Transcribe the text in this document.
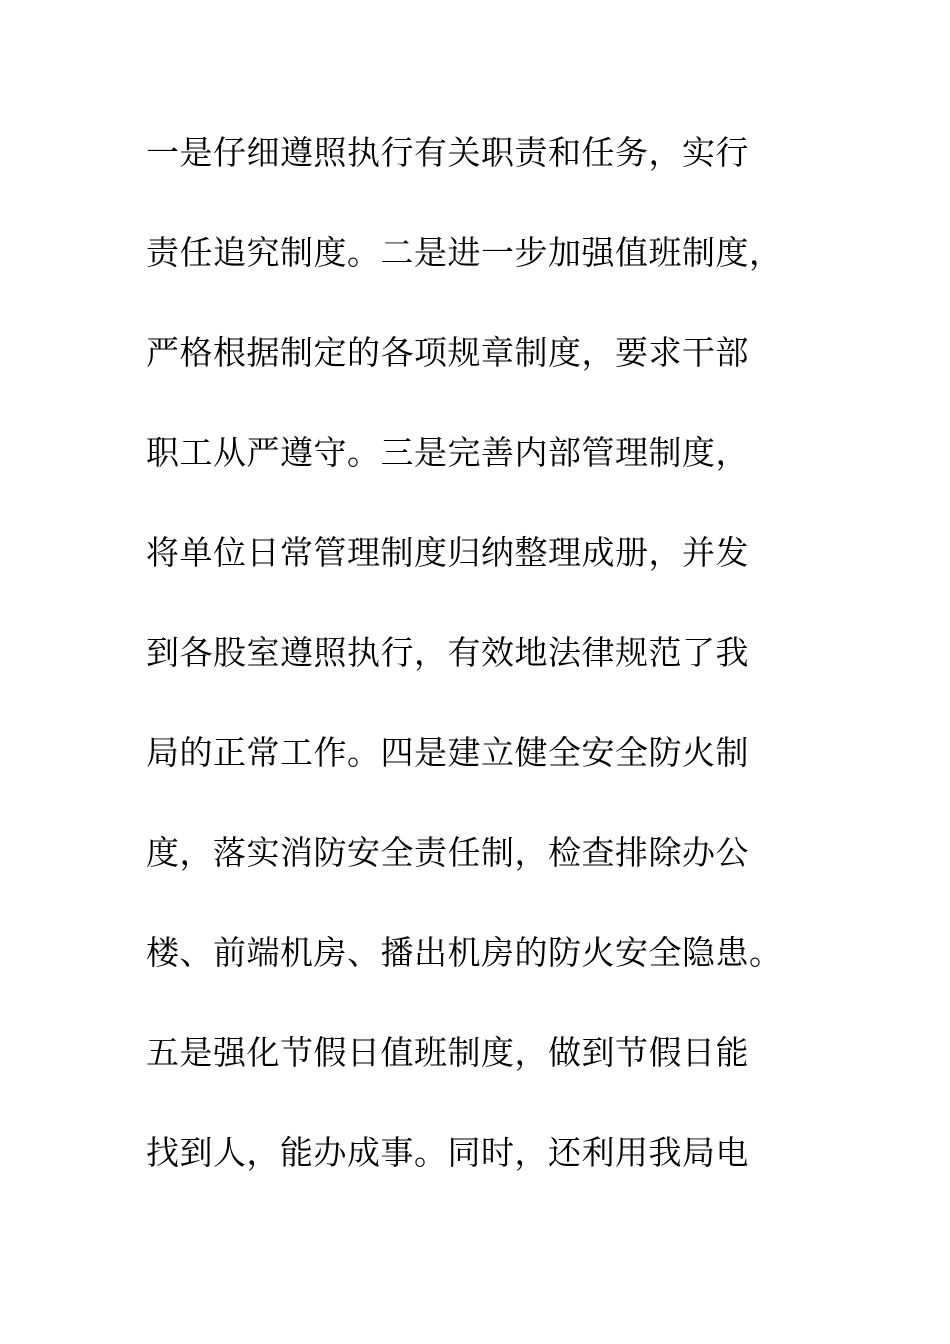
一是仔细遵照执行有关职责和任务，实行
责任追究制度。二是进一步加强值班制度，
严格根据制定的各项规章制度，要求干部
职工从严遵守。三是完善内部管理制度，
将单位日常管理制度归纳整理成册，并发
到各股室遵照执行，有效地法律规范了我
局的正常工作。四是建立健全安全防火制
度，落实消防安全责任制，检查排除办公
楼、前端机房、播出机房的防火安全隐患。
五是强化节假日值班制度，做到节假日能
找到人，能办成事。同时，还利用我局电
